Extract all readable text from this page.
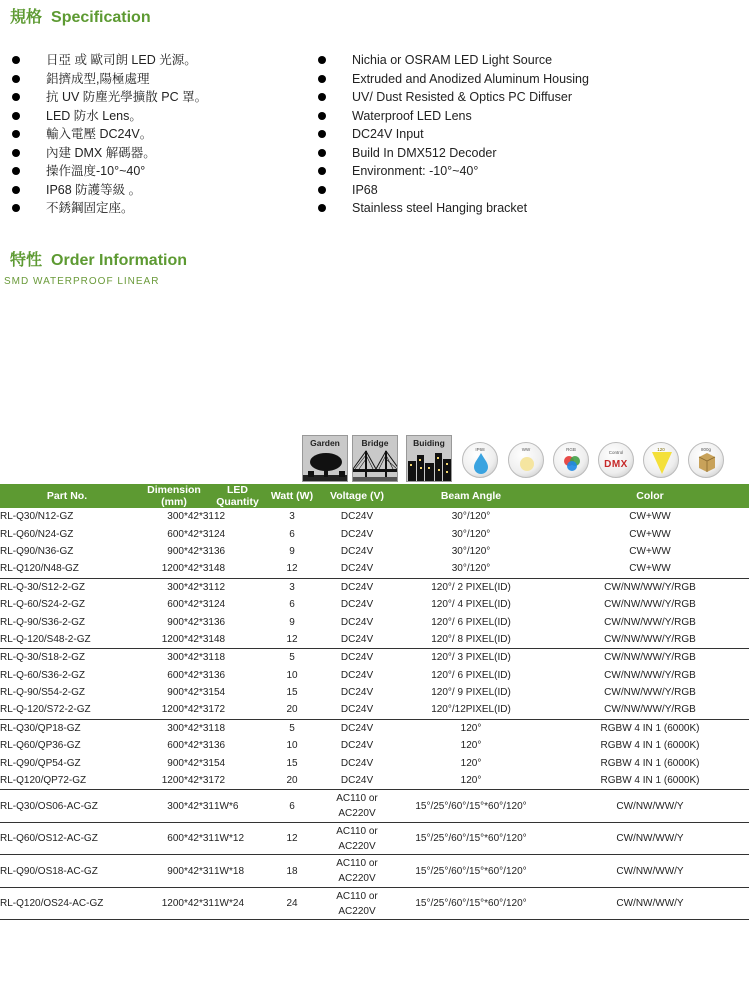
規格 Specification
日亞 或 歐司朗 LED 光源。
鋁擠成型,陽極處理
抗 UV 防塵光學擴散 PC 罩。
LED 防水 Lens。
輸入電壓 DC24V。
內建 DMX 解碼器。
操作溫度-10°~40°
IP68 防護等級 。
不銹鋼固定座。
Nichia or OSRAM LED Light Source
Extruded and Anodized Aluminum Housing
UV/ Dust Resisted & Optics PC Diffuser
Waterproof LED Lens
DC24V Input
Build In DMX512 Decoder
Environment: -10°~40°
IP68
Stainless steel Hanging bracket
特性 Order Information
SMD WATERPROOF LINEAR
Garden	Bridge	Buiding
IP68	WW	RGB
Control
DMX
120	800g
Part No.	Dimension (mm)	LED Quantity	Watt (W)	Voltage (V)	Beam Angle	Color
RL-Q30/N12-GZ	300*42*31	12	3	DC24V	30°/120°	CW+WW
RL-Q60/N24-GZ	600*42*31	24	6	DC24V	30°/120°	CW+WW
RL-Q90/N36-GZ	900*42*31	36	9	DC24V	30°/120°	CW+WW
RL-Q120/N48-GZ	1200*42*31	48	12	DC24V	30°/120°	CW+WW
RL-Q-30/S12-2-GZ	300*42*31	12	3	DC24V	120°/ 2 PIXEL(ID)	CW/NW/WW/Y/RGB
RL-Q-60/S24-2-GZ	600*42*31	24	6	DC24V	120°/ 4 PIXEL(ID)	CW/NW/WW/Y/RGB
RL-Q-90/S36-2-GZ	900*42*31	36	9	DC24V	120°/ 6 PIXEL(ID)	CW/NW/WW/Y/RGB
RL-Q-120/S48-2-GZ	1200*42*31	48	12	DC24V	120°/ 8 PIXEL(ID)	CW/NW/WW/Y/RGB
RL-Q-30/S18-2-GZ	300*42*31	18	5	DC24V	120°/ 3 PIXEL(ID)	CW/NW/WW/Y/RGB
RL-Q-60/S36-2-GZ	600*42*31	36	10	DC24V	120°/ 6 PIXEL(ID)	CW/NW/WW/Y/RGB
RL-Q-90/S54-2-GZ	900*42*31	54	15	DC24V	120°/ 9 PIXEL(ID)	CW/NW/WW/Y/RGB
RL-Q-120/S72-2-GZ	1200*42*31	72	20	DC24V	120°/12PIXEL(ID)	CW/NW/WW/Y/RGB
RL-Q30/QP18-GZ	300*42*31	18	5	DC24V	120°	RGBW 4 IN 1 (6000K)
RL-Q60/QP36-GZ	600*42*31	36	10	DC24V	120°	RGBW 4 IN 1 (6000K)
RL-Q90/QP54-GZ	900*42*31	54	15	DC24V	120°	RGBW 4 IN 1 (6000K)
RL-Q120/QP72-GZ	1200*42*31	72	20	DC24V	120°	RGBW 4 IN 1 (6000K)
RL-Q30/OS06-AC-GZ	300*42*31	1W*6	6	AC110 or
AC220V	15°/25°/60°/15°*60°/120°	CW/NW/WW/Y
RL-Q60/OS12-AC-GZ	600*42*31	1W*12	12	AC110 or
AC220V	15°/25°/60°/15°*60°/120°	CW/NW/WW/Y
RL-Q90/OS18-AC-GZ	900*42*31	1W*18	18	AC110 or
AC220V	15°/25°/60°/15°*60°/120°	CW/NW/WW/Y
RL-Q120/OS24-AC-GZ	1200*42*31	1W*24	24	AC110 or
AC220V	15°/25°/60°/15°*60°/120°	CW/NW/WW/Y
